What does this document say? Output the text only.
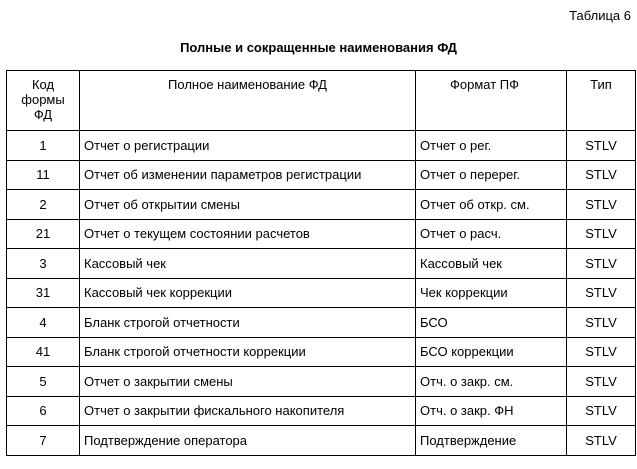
Таблица 6
Полные и сокращенные наименования ФД
Код формы ФД	Полное наименование ФД	Формат ПФ	Тип
1	Отчет о регистрации	Отчет о рег.	STLV
11	Отчет об изменении параметров регистрации	Отчет о перерег.	STLV
2	Отчет об открытии смены	Отчет об откр. см.	STLV
21	Отчет о текущем состоянии расчетов	Отчет о расч.	STLV
3	Кассовый чек	Кассовый чек	STLV
31	Кассовый чек коррекции	Чек коррекции	STLV
4	Бланк строгой отчетности	БСО	STLV
41	Бланк строгой отчетности коррекции	БСО коррекции	STLV
5	Отчет о закрытии смены	Отч. о закр. см.	STLV
6	Отчет о закрытии фискального накопителя	Отч. о закр. ФН	STLV
7	Подтверждение оператора	Подтверждение	STLV
